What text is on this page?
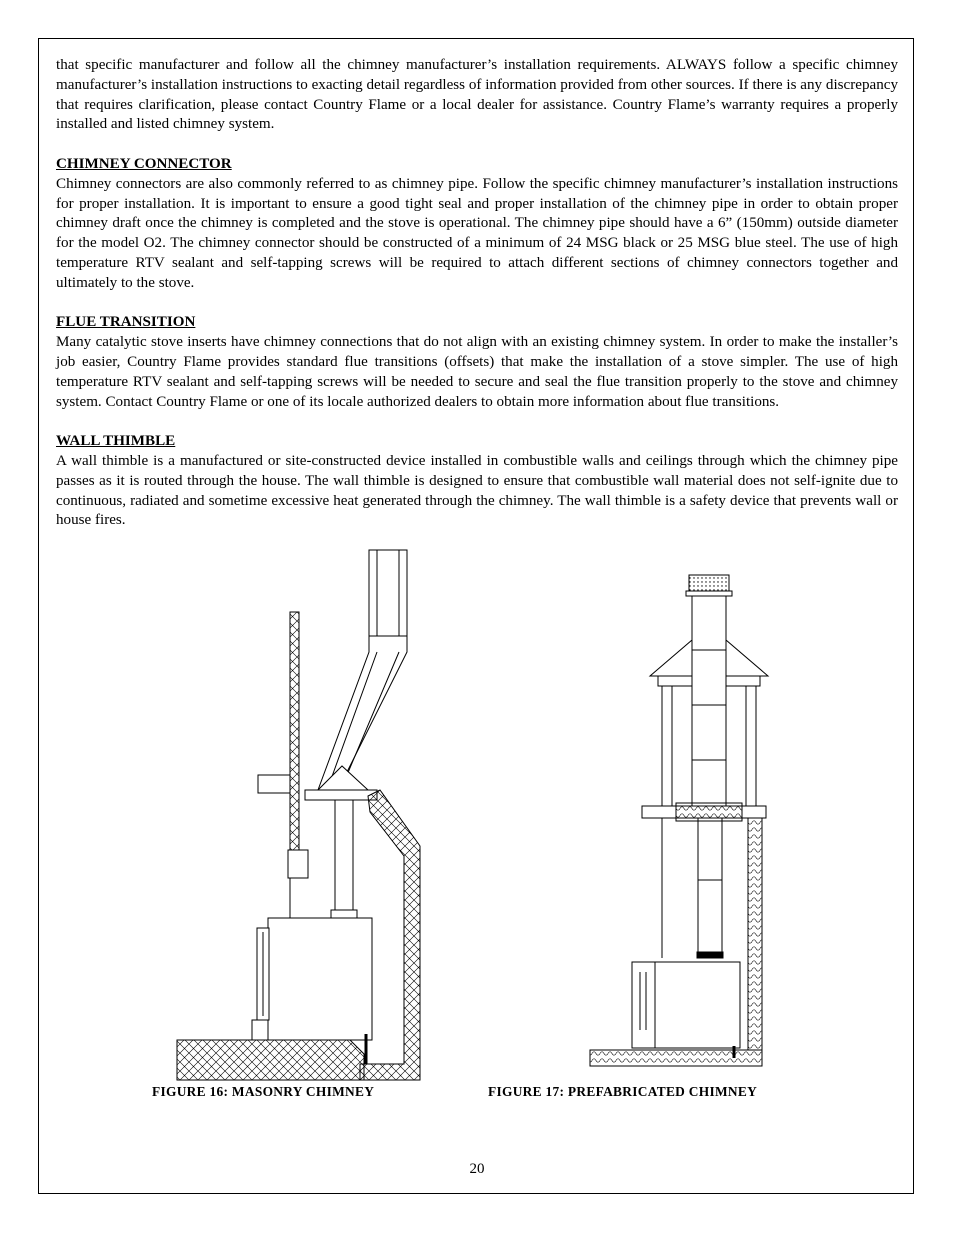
that specific manufacturer and follow all the chimney manufacturer’s installation requirements. ALWAYS follow a specific chimney manufacturer’s installation instructions to exacting detail regardless of information provided from other sources. If there is any discrepancy that requires clarification, please contact Country Flame or a local dealer for assistance. Country Flame’s warranty requires a properly installed and listed chimney system.

CHIMNEY CONNECTOR

Chimney connectors are also commonly referred to as chimney pipe. Follow the specific chimney manufacturer’s installation instructions for proper installation. It is important to ensure a good tight seal and proper installation of the chimney pipe in order to obtain proper chimney draft once the chimney is completed and the stove is operational. The chimney pipe should have a 6” (150mm) outside diameter for the model O2. The chimney connector should be constructed of a minimum of 24 MSG black or 25 MSG blue steel. The use of high temperature RTV sealant and self-tapping screws will be required to attach different sections of chimney connectors together and ultimately to the stove.

FLUE TRANSITION

Many catalytic stove inserts have chimney connections that do not align with an existing chimney system. In order to make the installer’s job easier, Country Flame provides standard flue transitions (offsets) that make the installation of a stove simpler. The use of high temperature RTV sealant and self-tapping screws will be needed to secure and seal the flue transition properly to the stove and chimney system. Contact Country Flame or one of its locale authorized dealers to obtain more information about flue transitions.

WALL THIMBLE

A wall thimble is a manufactured or site-constructed device installed in combustible walls and ceilings through which the chimney pipe passes as it is routed through the house. The wall thimble is designed to ensure that combustible wall material does not self-ignite due to continuous, radiated and sometime excessive heat generated through the chimney. The wall thimble is a safety device that prevents wall or house fires.

FIGURE 16: MASONRY CHIMNEY	FIGURE 17: PREFABRICATED CHIMNEY
20
